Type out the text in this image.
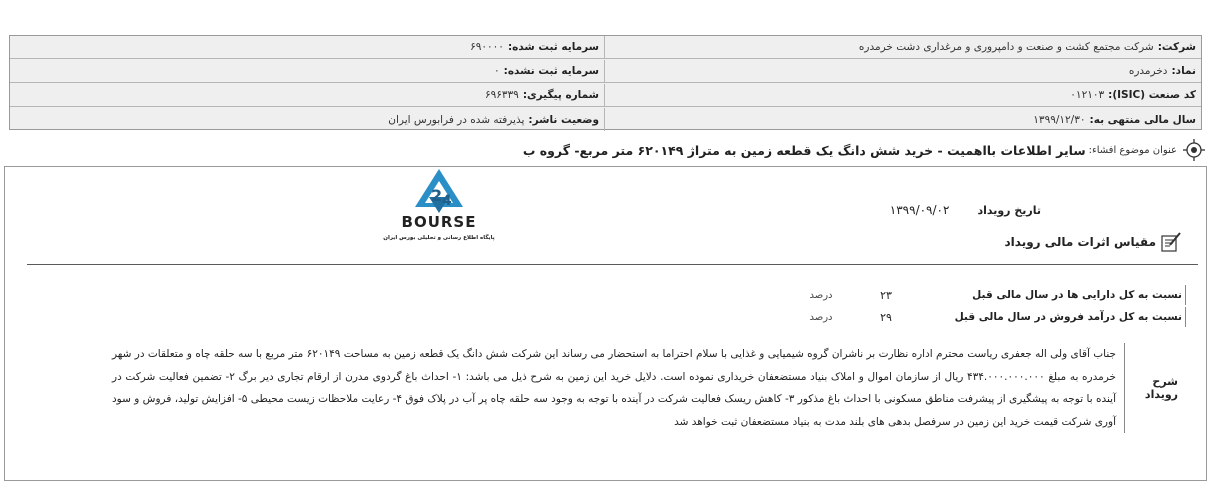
شرکت:
شرکت مجتمع کشت و صنعت و دامپروری و مرغداری دشت خرمدره
سرمایه ثبت شده:
۶۹۰۰۰۰
نماد:
دخرمدره
سرمایه ثبت نشده:
۰
کد صنعت (ISIC):
۰۱۲۱۰۳
شماره پیگیری:
۶۹۶۳۳۹
سال مالی منتهی به:
۱۳۹۹/۱۲/۳۰
وضعیت ناشر:
پذیرفته شده در فرابورس ایران
عنوان موضوع افشاء:
سایر اطلاعات بااهمیت - خرید شش دانگ یک قطعه زمین به متراژ ۶۲۰۱۴۹ متر مربع- گروه ب
2 4
BOURSE
پایگاه اطلاع رسانی و تحلیلی بورس ایران
تاریخ رویداد
۱۳۹۹/۰۹/۰۲
مقیاس اثرات مالی رویداد
نسبت به کل دارایی ها در سال مالی قبل
۲۳
درصد
نسبت به کل درآمد فروش در سال مالی قبل
۲۹
درصد
شرح رویداد
جناب آقای ولی اله جعفری ریاست محترم اداره نظارت بر ناشران گروه شیمیایی و غذایی با سلام احتراما به استحضار می رساند این شرکت شش دانگ یک قطعه زمین به مساحت ۶۲۰۱۴۹ متر مربع با سه حلقه چاه و متعلقات در شهر خرمدره به مبلغ ۴۳۴.۰۰۰.۰۰۰.۰۰۰ ریال از سازمان اموال و املاک بنیاد مستضعفان خریداری نموده است. دلایل خرید این زمین به شرح ذیل می باشد: ۱- احداث باغ گردوی مدرن از ارقام تجاری دیر برگ ۲- تضمین فعالیت شرکت در آینده با توجه به پیشگیری از پیشرفت مناطق مسکونی با احداث باغ مذکور ۳- کاهش ریسک فعالیت شرکت در آینده با توجه به وجود سه حلقه چاه پر آب در پلاک فوق ۴- رعایت ملاحظات زیست محیطی ۵- افزایش تولید، فروش و سود آوری شرکت قیمت خرید این زمین در سرفصل بدهی های بلند مدت به بنیاد مستضعفان ثبت خواهد شد
